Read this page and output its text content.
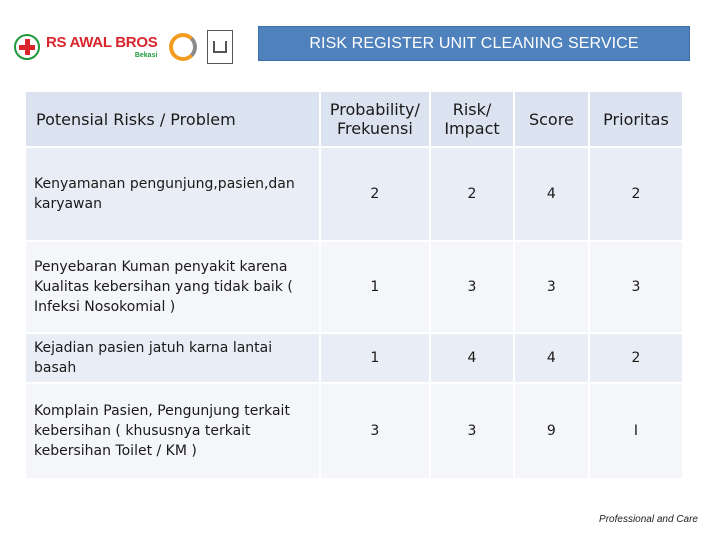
RS AWAL BROS
Bekasi
RISK REGISTER UNIT CLEANING SERVICE
Potensial Risks / Problem	Probability/ Frekuensi	Risk/ Impact	Score	Prioritas
Kenyamanan pengunjung,pasien,dan karyawan	2	2	4	2
Penyebaran Kuman penyakit karena Kualitas kebersihan yang tidak baik ( Infeksi Nosokomial )	1	3	3	3
Kejadian pasien jatuh karna lantai basah	1	4	4	2
Komplain Pasien, Pengunjung terkait kebersihan ( khususnya terkait kebersihan Toilet / KM )	3	3	9	I
Professional and Care
